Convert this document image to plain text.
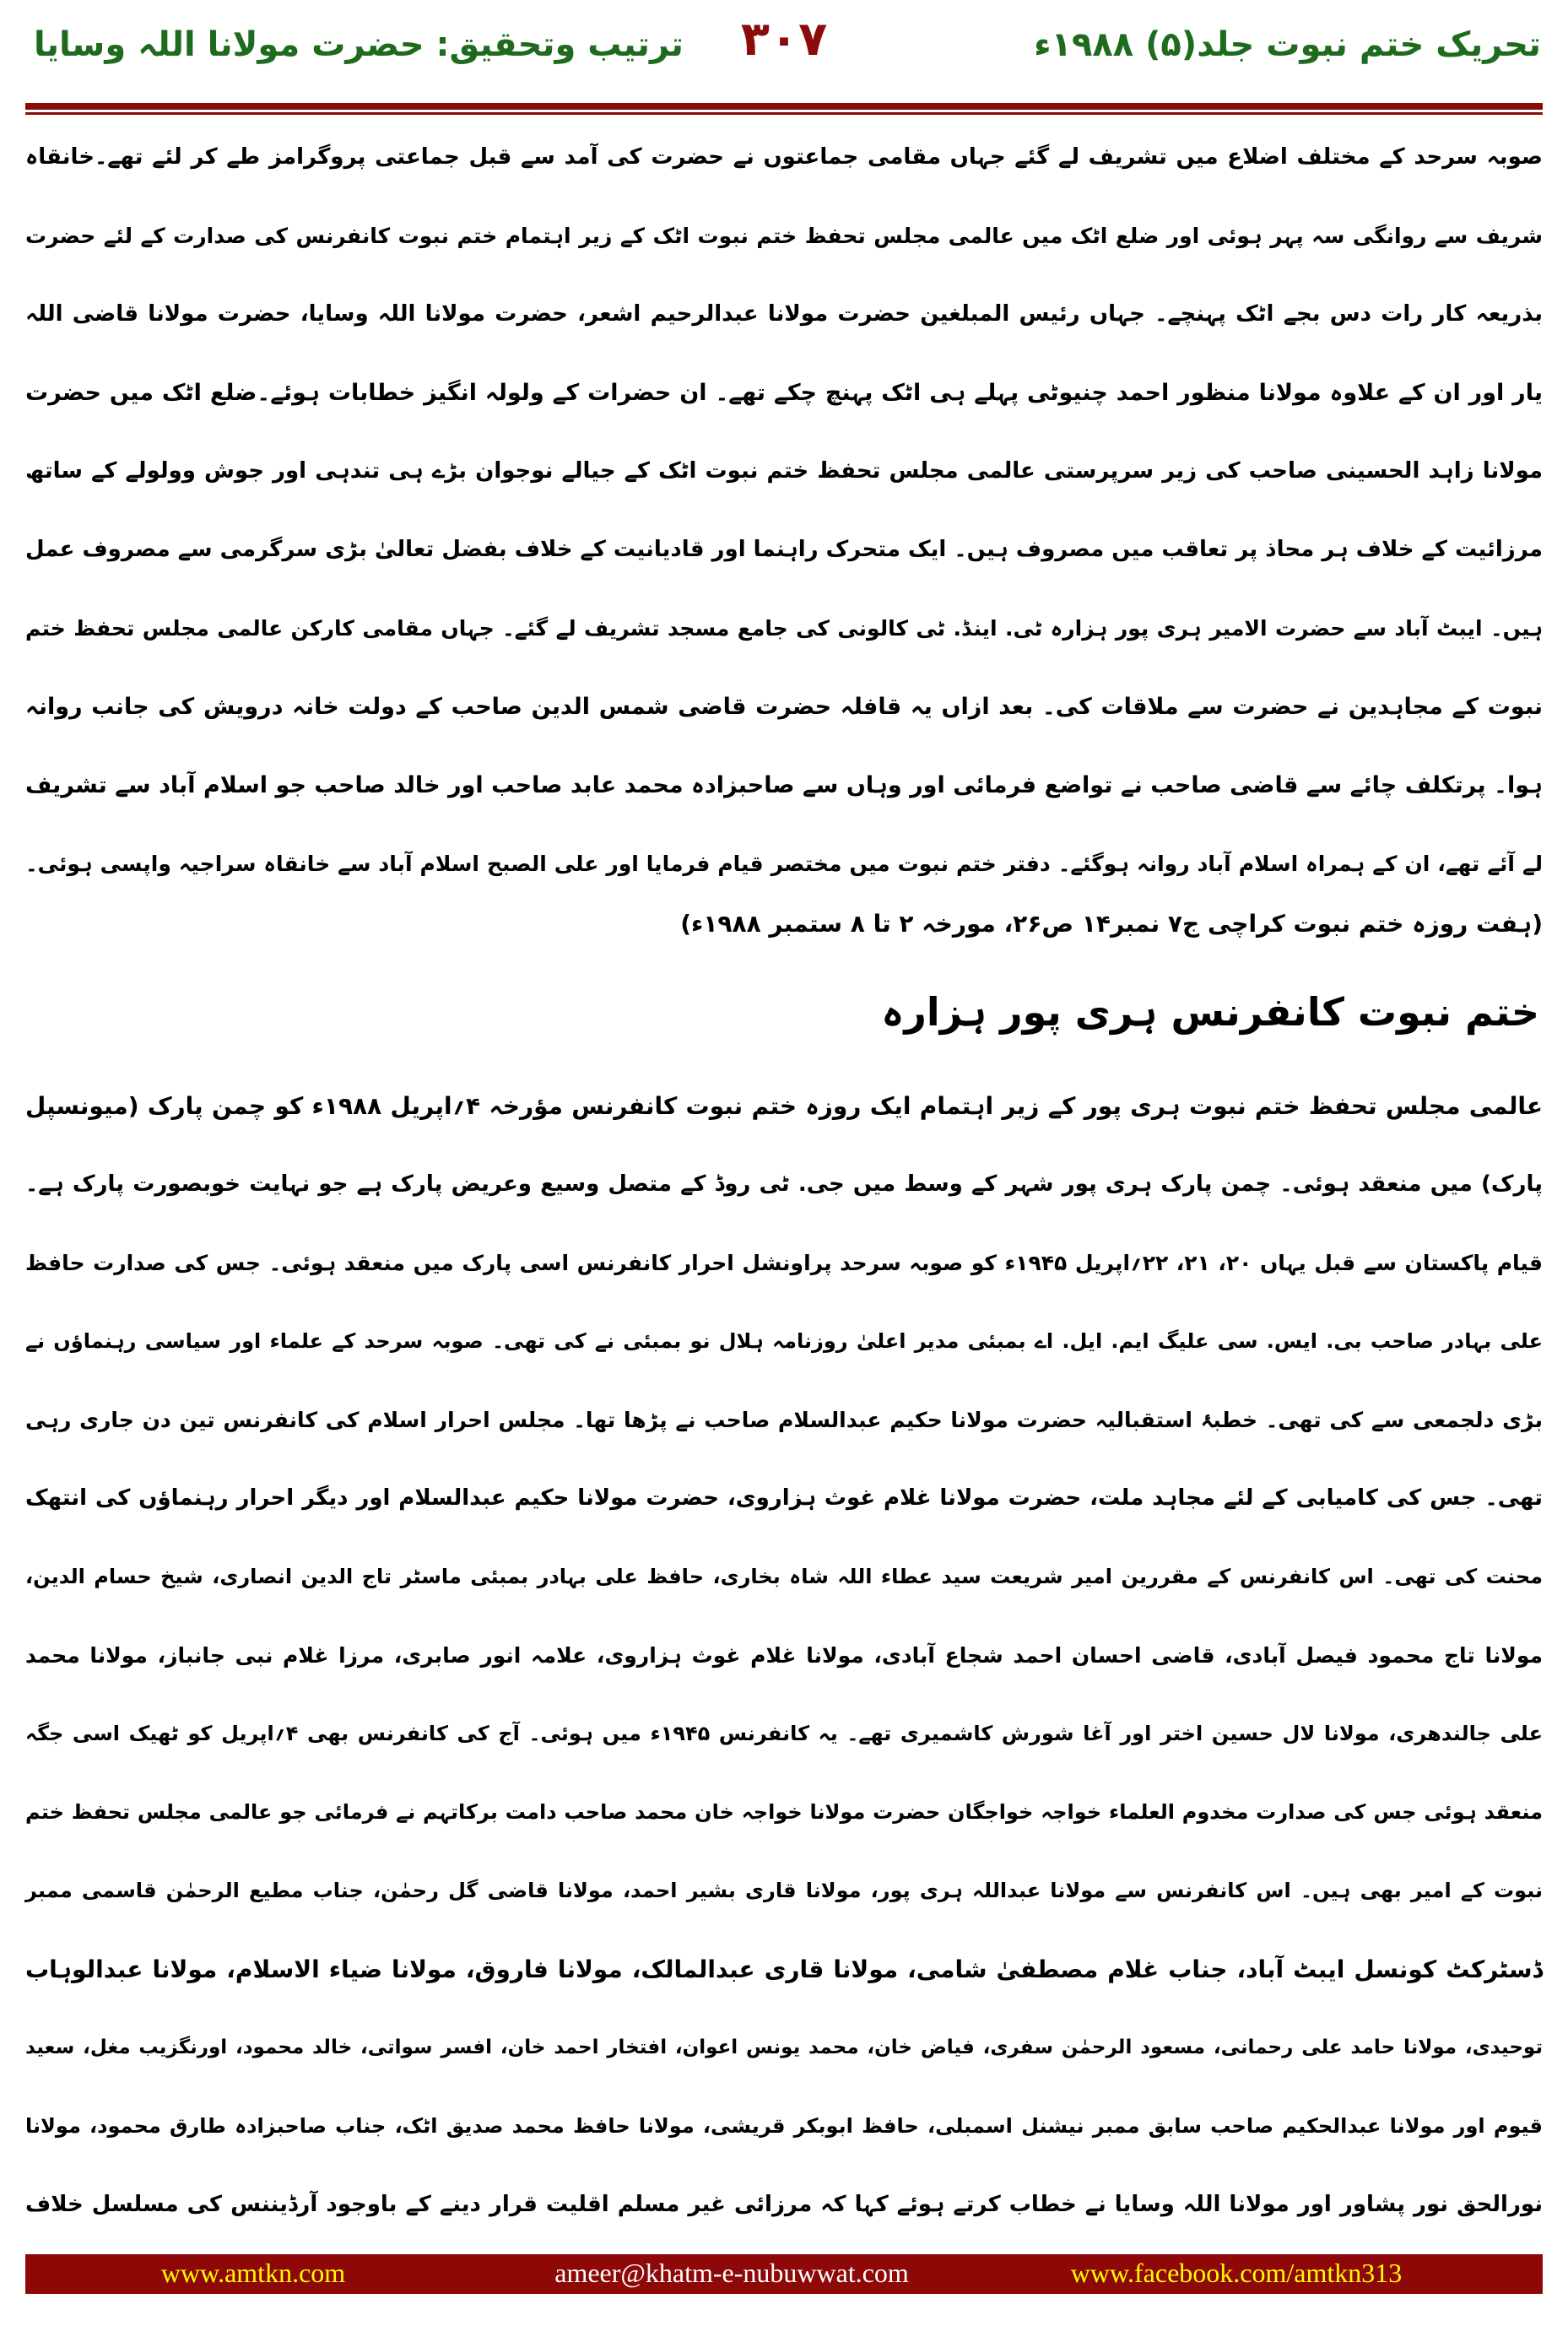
تحریک ختم نبوت جلد(۵) ۱۹۸۸ء
۳۰۷
ترتیب وتحقیق: حضرت مولانا اللہ وسایا
صوبہ سرحد کے مختلف اضلاع میں تشریف لے گئے جہاں مقامی جماعتوں نے حضرت کی آمد سے قبل جماعتی پروگرامز طے کر لئے تھے۔خانقاہ
شریف سے روانگی سہ پہر ہوئی اور ضلع اٹک میں عالمی مجلس تحفظ ختم نبوت اٹک کے زیر اہتمام ختم نبوت کانفرنس کی صدارت کے لئے حضرت
بذریعہ کار رات دس بجے اٹک پہنچے۔ جہاں رئیس المبلغین حضرت مولانا عبدالرحیم اشعر، حضرت مولانا اللہ وسایا، حضرت مولانا قاضی اللہ
یار اور ان کے علاوہ مولانا منظور احمد چنیوٹی پہلے ہی اٹک پہنچ چکے تھے۔ ان حضرات کے ولولہ انگیز خطابات ہوئے۔ضلع اٹک میں حضرت
مولانا زاہد الحسینی صاحب کی زیر سرپرستی عالمی مجلس تحفظ ختم نبوت اٹک کے جیالے نوجوان بڑے ہی تندہی اور جوش وولولے کے ساتھ
مرزائیت کے خلاف ہر محاذ پر تعاقب میں مصروف ہیں۔ ایک متحرک راہنما اور قادیانیت کے خلاف بفضل تعالیٰ بڑی سرگرمی سے مصروف عمل
ہیں۔ ایبٹ آباد سے حضرت الامیر ہری پور ہزارہ ٹی. اینڈ. ٹی کالونی کی جامع مسجد تشریف لے گئے۔ جہاں مقامی کارکن عالمی مجلس تحفظ ختم
نبوت کے مجاہدین نے حضرت سے ملاقات کی۔ بعد ازاں یہ قافلہ حضرت قاضی شمس الدین صاحب کے دولت خانہ درویش کی جانب روانہ
ہوا۔ پرتکلف چائے سے قاضی صاحب نے تواضع فرمائی اور وہاں سے صاحبزادہ محمد عابد صاحب اور خالد صاحب جو اسلام آباد سے تشریف
لے آئے تھے، ان کے ہمراہ اسلام آباد روانہ ہوگئے۔ دفتر ختم نبوت میں مختصر قیام فرمایا اور علی الصبح اسلام آباد سے خانقاہ سراجیہ واپسی ہوئی۔
(ہفت روزہ ختم نبوت کراچی ج۷ نمبر۱۴ ص۲۶، مورخہ ۲ تا ۸ ستمبر ۱۹۸۸ء)
ختم نبوت کانفرنس ہری پور ہزارہ
عالمی مجلس تحفظ ختم نبوت ہری پور کے زیر اہتمام ایک روزہ ختم نبوت کانفرنس مؤرخہ ۴؍اپریل ۱۹۸۸ء کو چمن پارک (میونسپل
پارک) میں منعقد ہوئی۔ چمن پارک ہری پور شہر کے وسط میں جی. ٹی روڈ کے متصل وسیع وعریض پارک ہے جو نہایت خوبصورت پارک ہے۔
قیام پاکستان سے قبل یہاں ۲۰، ۲۱، ۲۲؍اپریل ۱۹۴۵ء کو صوبہ سرحد پراونشل احرار کانفرنس اسی پارک میں منعقد ہوئی۔ جس کی صدارت حافظ
علی بہادر صاحب بی. ایس. سی علیگ ایم. ایل. اے بمبئی مدیر اعلیٰ روزنامہ ہلال نو بمبئی نے کی تھی۔ صوبہ سرحد کے علماء اور سیاسی رہنماؤں نے
بڑی دلجمعی سے کی تھی۔ خطبۂ استقبالیہ حضرت مولانا حکیم عبدالسلام صاحب نے پڑھا تھا۔ مجلس احرار اسلام کی کانفرنس تین دن جاری رہی
تھی۔ جس کی کامیابی کے لئے مجاہد ملت، حضرت مولانا غلام غوث ہزاروی، حضرت مولانا حکیم عبدالسلام اور دیگر احرار رہنماؤں کی انتھک
محنت کی تھی۔ اس کانفرنس کے مقررین امیر شریعت سید عطاء اللہ شاہ بخاری، حافظ علی بہادر بمبئی ماسٹر تاج الدین انصاری، شیخ حسام الدین،
مولانا تاج محمود فیصل آبادی، قاضی احسان احمد شجاع آبادی، مولانا غلام غوث ہزاروی، علامہ انور صابری، مرزا غلام نبی جانباز، مولانا محمد
علی جالندھری، مولانا لال حسین اختر اور آغا شورش کاشمیری تھے۔ یہ کانفرنس ۱۹۴۵ء میں ہوئی۔ آج کی کانفرنس بھی ۴؍اپریل کو ٹھیک اسی جگہ
منعقد ہوئی جس کی صدارت مخدوم العلماء خواجہ خواجگان حضرت مولانا خواجہ خان محمد صاحب دامت برکاتہم نے فرمائی جو عالمی مجلس تحفظ ختم
نبوت کے امیر بھی ہیں۔ اس کانفرنس سے مولانا عبداللہ ہری پور، مولانا قاری بشیر احمد، مولانا قاضی گل رحمٰن، جناب مطیع الرحمٰن قاسمی ممبر
ڈسٹرکٹ کونسل ایبٹ آباد، جناب غلام مصطفیٰ شامی، مولانا قاری عبدالمالک، مولانا فاروق، مولانا ضیاء الاسلام، مولانا عبدالوہاب
توحیدی، مولانا حامد علی رحمانی، مسعود الرحمٰن سفری، فیاض خان، محمد یونس اعوان، افتخار احمد خان، افسر سواتی، خالد محمود، اورنگزیب مغل، سعید
قیوم اور مولانا عبدالحکیم صاحب سابق ممبر نیشنل اسمبلی، حافظ ابوبکر قریشی، مولانا حافظ محمد صدیق اٹک، جناب صاحبزادہ طارق محمود، مولانا
نورالحق نور پشاور اور مولانا اللہ وسایا نے خطاب کرتے ہوئے کہا کہ مرزائی غیر مسلم اقلیت قرار دینے کے باوجود آرڈیننس کی مسلسل خلاف
www.amtkn.com	ameer@khatm-e-nubuwwat.com	www.facebook.com/amtkn313
